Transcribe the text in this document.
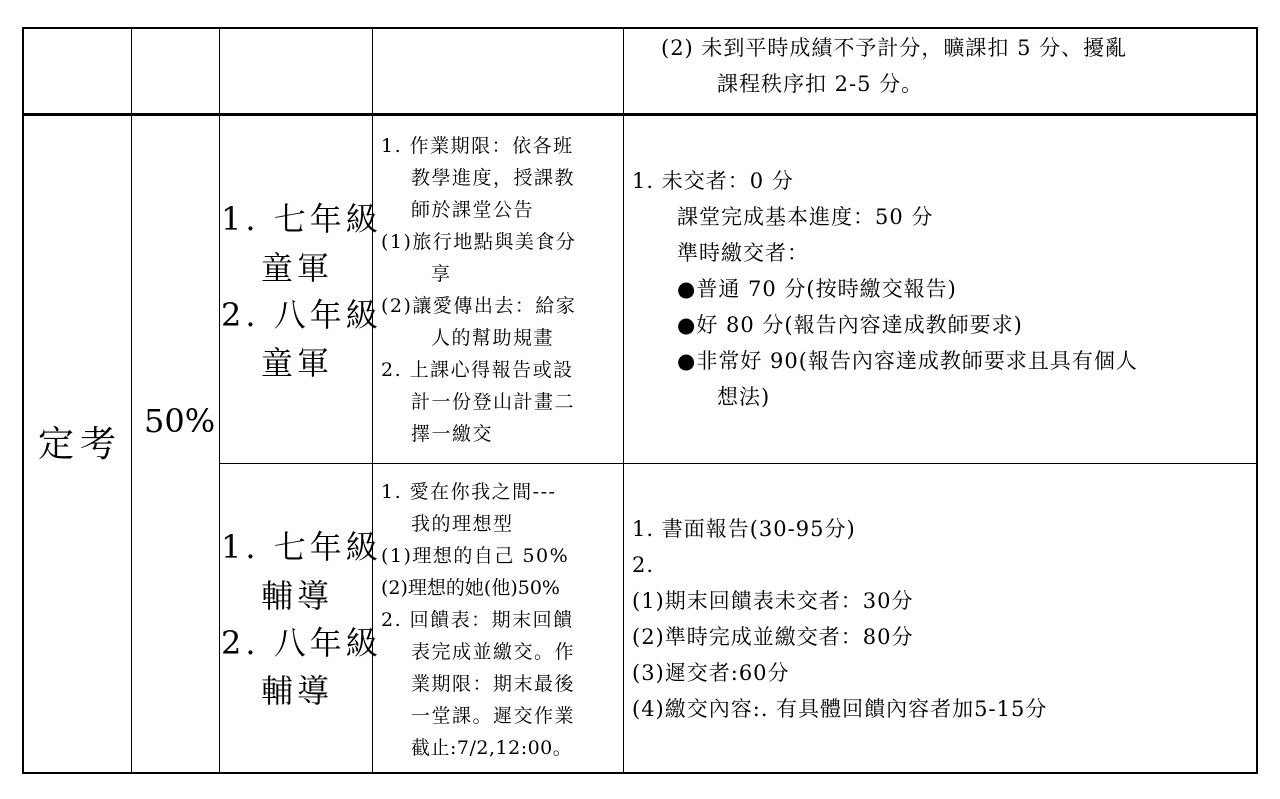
(2) 未到平時成績不予計分，曠課扣 5 分、擾亂
課程秩序扣 2-5 分。
定考
50%
1. 七年級
童軍
2. 八年級
童軍
1. 作業期限：依各班
教學進度，授課教
師於課堂公告
(1)旅行地點與美食分
享
(2)讓愛傳出去：給家
人的幫助規畫
2. 上課心得報告或設
計一份登山計畫二
擇一繳交
1. 未交者：0 分
課堂完成基本進度：50 分
準時繳交者：
●普通 70 分(按時繳交報告)
●好 80 分(報告內容達成教師要求)
●非常好 90(報告內容達成教師要求且具有個人
想法)
1. 七年級
輔導
2. 八年級
輔導
1. 愛在你我之間---
我的理想型
(1)理想的自己 50%
(2)理想的她(他)50%
2. 回饋表：期末回饋
表完成並繳交。作
業期限：期末最後
一堂課。遲交作業
截止:7/2,12:00。
1. 書面報告(30-95分)
2.
(1)期末回饋表未交者：30分
(2)準時完成並繳交者：80分
(3)遲交者:60分
(4)繳交內容:. 有具體回饋內容者加5-15分
